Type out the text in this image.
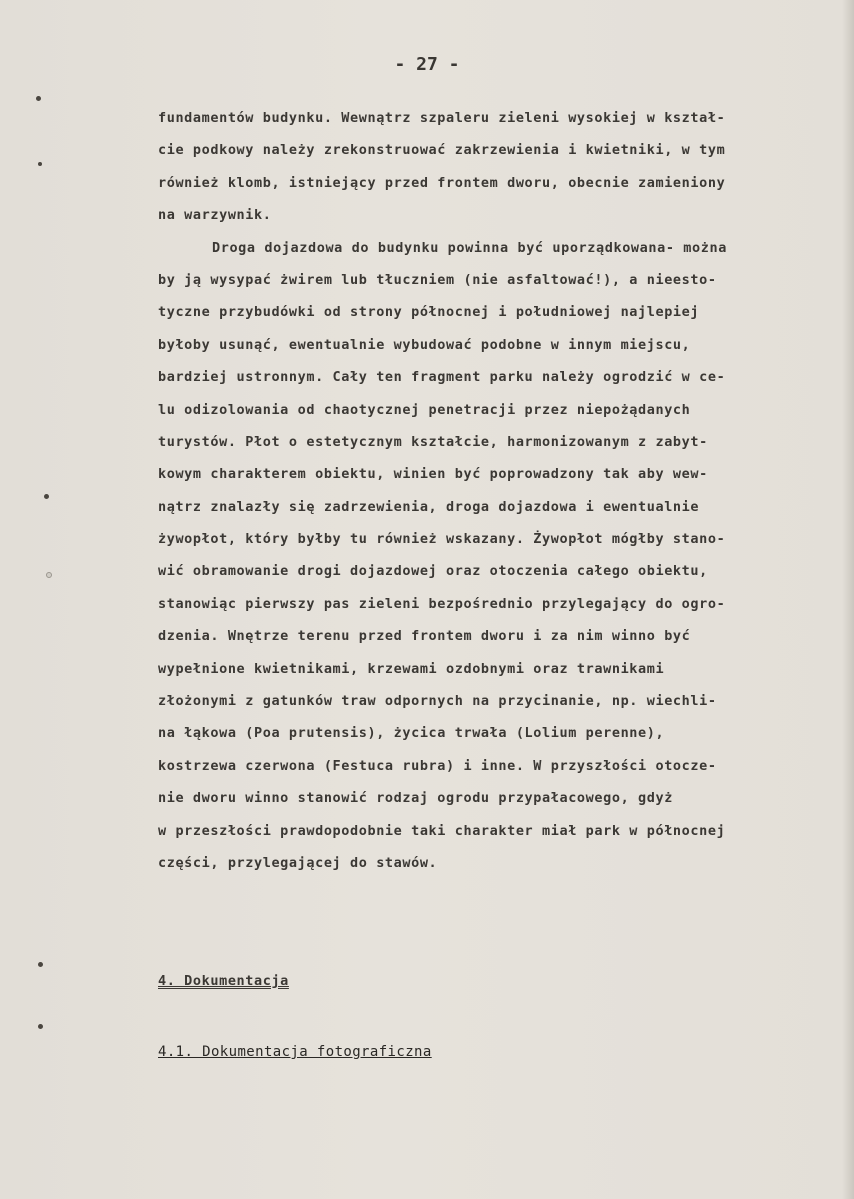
- 27 -
fundamentów budynku. Wewnątrz szpaleru zieleni wysokiej w kształ-
cie podkowy należy zrekonstruować zakrzewienia i kwietniki, w tym
również klomb, istniejący przed frontem dworu, obecnie zamieniony
na warzywnik.
Droga dojazdowa do budynku powinna być uporządkowana- można
by ją wysypać żwirem lub tłuczniem (nie asfaltować!), a nieesto-
tyczne przybudówki od strony północnej i południowej najlepiej
byłoby usunąć, ewentualnie wybudować podobne w innym miejscu,
bardziej ustronnym. Cały ten fragment parku należy ogrodzić w ce-
lu odizolowania od chaotycznej penetracji przez niepożądanych
turystów. Płot o estetycznym kształcie, harmonizowanym z zabyt-
kowym charakterem obiektu, winien być poprowadzony tak aby wew-
nątrz znalazły się zadrzewienia, droga dojazdowa i ewentualnie
żywopłot, który byłby tu również wskazany. Żywopłot mógłby stano-
wić obramowanie drogi dojazdowej oraz otoczenia całego obiektu,
stanowiąc pierwszy pas zieleni bezpośrednio przylegający do ogro-
dzenia. Wnętrze terenu przed frontem dworu i za nim winno być
wypełnione kwietnikami, krzewami ozdobnymi oraz trawnikami
złożonymi z gatunków traw odpornych na przycinanie, np. wiechli-
na łąkowa (Poa prutensis), życica trwała (Lolium perenne),
kostrzewa czerwona (Festuca rubra) i inne. W przyszłości otocze-
nie dworu winno stanowić rodzaj ogrodu przypałacowego, gdyż
w przeszłości prawdopodobnie taki charakter miał park w północnej
części, przylegającej do stawów.
4. Dokumentacja
4.1. Dokumentacja fotograficzna
